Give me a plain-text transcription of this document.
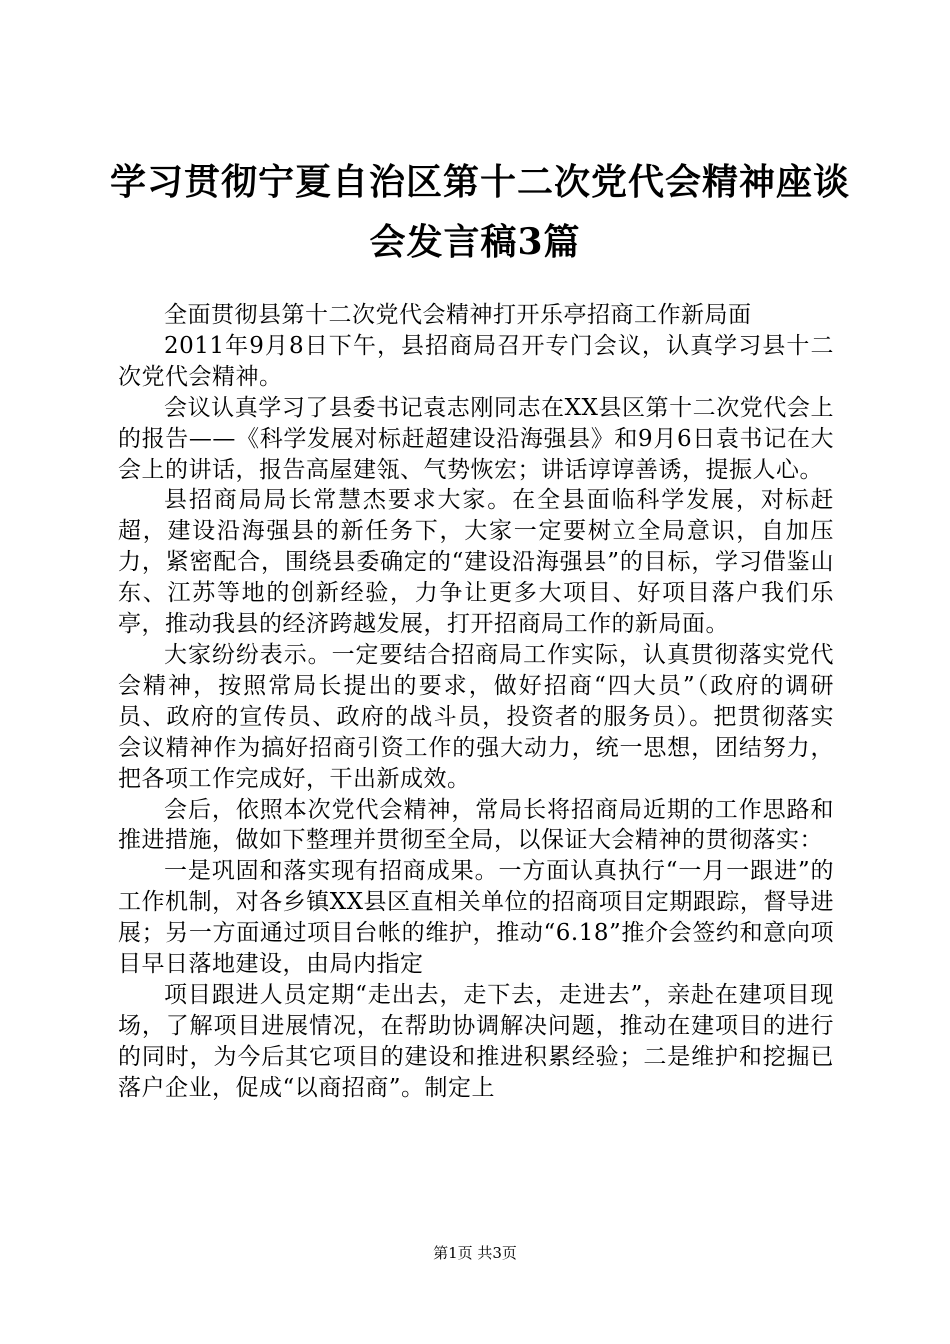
学习贯彻宁夏自治区第十二次党代会精神座谈
会发言稿3篇

全面贯彻县第十二次党代会精神打开乐亭招商工作新局面

2011年9月8日下午，县招商局召开专门会议，认真学习县十二次党代会精神。

会议认真学习了县委书记袁志刚同志在XX县区第十二次党代会上的报告——《科学发展对标赶超建设沿海强县》和9月6日袁书记在大会上的讲话，报告高屋建瓴、气势恢宏；讲话谆谆善诱，提振人心。

县招商局局长常慧杰要求大家。在全县面临科学发展，对标赶超，建设沿海强县的新任务下，大家一定要树立全局意识，自加压力，紧密配合，围绕县委确定的“建设沿海强县”的目标，学习借鉴山东、江苏等地的创新经验，力争让更多大项目、好项目落户我们乐亭，推动我县的经济跨越发展，打开招商局工作的新局面。

大家纷纷表示。一定要结合招商局工作实际，认真贯彻落实党代会精神，按照常局长提出的要求，做好招商“四大员”（政府的调研员、政府的宣传员、政府的战斗员，投资者的服务员）。把贯彻落实会议精神作为搞好招商引资工作的强大动力，统一思想，团结努力，把各项工作完成好，干出新成效。

会后，依照本次党代会精神，常局长将招商局近期的工作思路和推进措施，做如下整理并贯彻至全局，以保证大会精神的贯彻落实：

一是巩固和落实现有招商成果。一方面认真执行“一月一跟进”的工作机制，对各乡镇XX县区直相关单位的招商项目定期跟踪，督导进展；另一方面通过项目台帐的维护，推动“6.18”推介会签约和意向项目早日落地建设，由局内指定

项目跟进人员定期“走出去，走下去，走进去”，亲赴在建项目现场，了解项目进展情况，在帮助协调解决问题，推动在建项目的进行的同时，为今后其它项目的建设和推进积累经验；二是维护和挖掘已落户企业，促成“以商招商”。制定上

第1页 共3页
